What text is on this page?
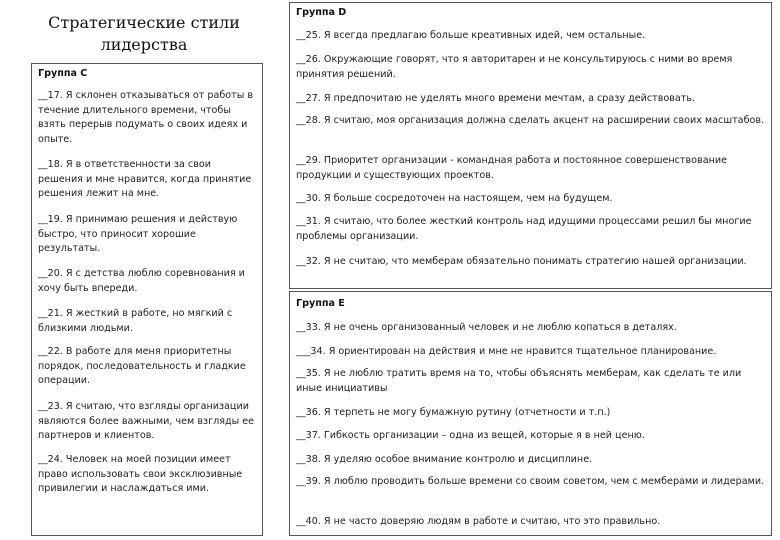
Стратегические стили лидерства
Группа C
__17. Я склонен отказываться от работы в течение длительного времени, чтобы взять перерыв подумать о своих идеях и опыте.
__18. Я в ответственности за свои решения и мне нравится, когда принятие решения лежит на мне.
__19. Я принимаю решения и действую быстро, что приносит хорошие результаты.
__20. Я с детства люблю соревнования и хочу быть впереди.
__21. Я жесткий в работе, но мягкий с близкими людьми.
__22. В работе для меня приоритетны порядок, последовательность и гладкие операции.
__23. Я считаю, что взгляды организации являются более важными, чем взгляды ее партнеров и клиентов.
__24. Человек на моей позиции имеет право использовать свои эксклюзивные привилегии и наслаждаться ими.
Группа D
__25. Я всегда предлагаю больше креативных идей, чем остальные.
__26. Окружающие говорят, что я авторитарен и не консультируюсь с ними во время принятия решений.
__27. Я предпочитаю не уделять много времени мечтам, а сразу действовать.
__28. Я считаю, моя организация должна сделать акцент на расширении своих масштабов.
__29. Приоритет организации - командная работа и постоянное совершенствование продукции и существующих проектов.
__30. Я больше сосредоточен на настоящем, чем на будущем.
__31. Я считаю, что более жесткий контроль над идущими процессами решил бы многие проблемы организации.
__32. Я не считаю, что мемберам обязательно понимать стратегию нашей организации.
Группа E
__33. Я не очень организованный человек и не люблю копаться в деталях.
___34. Я ориентирован на действия и мне не нравится тщательное планирование.
__35. Я не люблю тратить время на то, чтобы объяснять мемберам, как сделать те или иные инициативы
__36. Я терпеть не могу бумажную рутину (отчетности и т.п.)
__37. Гибкость организации – одна из вещей, которые я в ней ценю.
__38. Я уделяю особое внимание контролю и дисциплине.
__39. Я люблю проводить больше времени со своим советом, чем с мемберами и лидерами.
__40. Я не часто доверяю людям в работе и считаю, что это правильно.
